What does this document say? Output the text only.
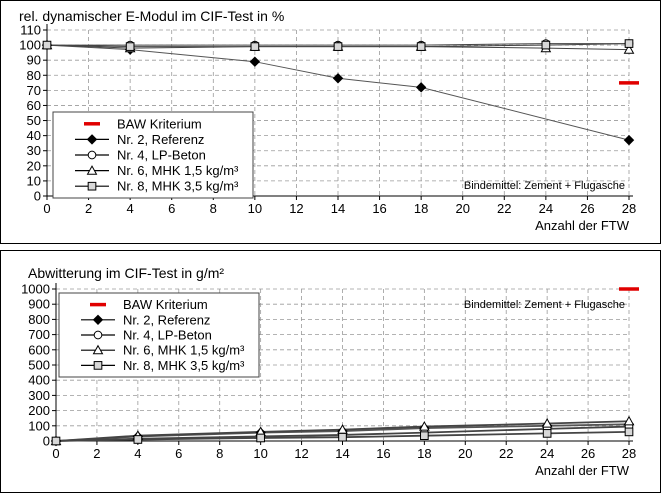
0	2	4	6	8 10 12 14 16 18 20 22 24 26 28
0
10
20
30
40
50
60
70
80
90
100
110
rel. dynamischer E-Modul im CIF-Test in %
Anzahl der FTW
Bindemittel: Zement + Flugasche
BAW Kriterium
Nr. 2, Referenz
Nr. 4, LP-Beton
Nr. 6, MHK 1,5 kg/m³
Nr. 8, MHK 3,5 kg/m³
0	2	4	6	8 10 12 14 16 18 20 22 24 26 28
0
100
200
300
400
500
600
700
800
900
1000
Abwitterung im CIF-Test in g/m²
Anzahl der FTW
Bindemittel: Zement + Flugasche
BAW Kriterium
Nr. 2, Referenz
Nr. 4, LP-Beton
Nr. 6, MHK 1,5 kg/m³
Nr. 8, MHK 3,5 kg/m³
